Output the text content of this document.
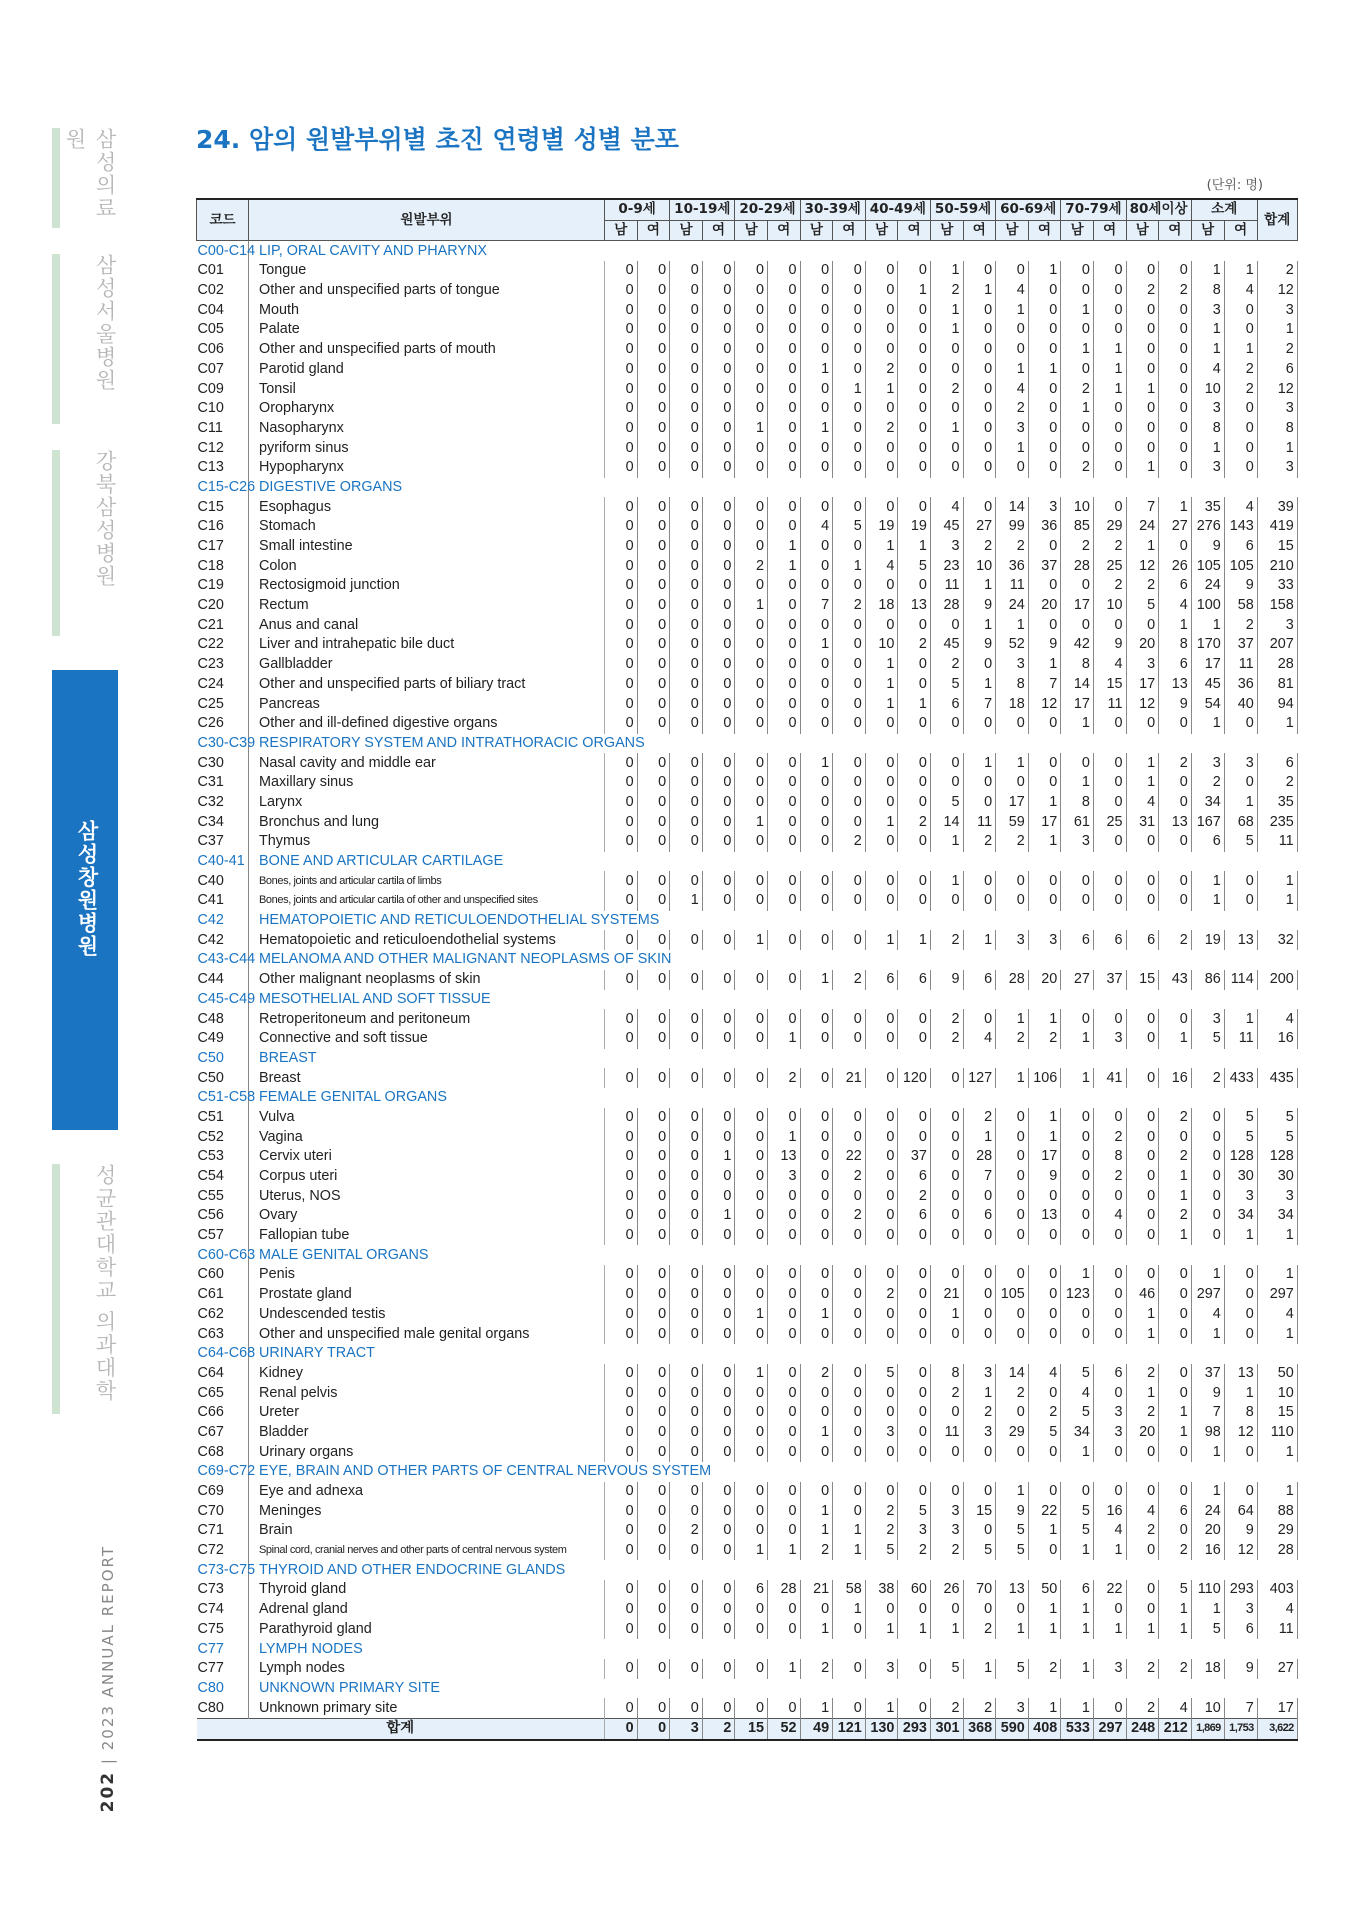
삼성의료원
삼성서울병원
강북삼성병원
삼성창원병원
성균관대학교 의과대학
202 | 2023 ANNUAL REPORT
24. 암의 원발부위별 초진 연령별 성별 분포
(단위: 명)
코드	원발부위	0-9세		10-19세		20-29세		30-39세		40-49세		50-59세		60-69세		70-79세		80세이상		소계		합계
		남	여	남	여	남	여	남	여	남	여	남	여	남	여	남	여	남	여	남	여	
C00-C14	LIP, ORAL CAVITY AND PHARYNX																					
C01	Tongue	0	0	0	0	0	0	0	0	0	0	1	0	0	1	0	0	0	0	1	1	2
C02	Other and unspecified parts of tongue	0	0	0	0	0	0	0	0	0	1	2	1	4	0	0	0	2	2	8	4	12
C04	Mouth	0	0	0	0	0	0	0	0	0	0	1	0	1	0	1	0	0	0	3	0	3
C05	Palate	0	0	0	0	0	0	0	0	0	0	1	0	0	0	0	0	0	0	1	0	1
C06	Other and unspecified parts of mouth	0	0	0	0	0	0	0	0	0	0	0	0	0	0	1	1	0	0	1	1	2
C07	Parotid gland	0	0	0	0	0	0	1	0	2	0	0	0	1	1	0	1	0	0	4	2	6
C09	Tonsil	0	0	0	0	0	0	0	1	1	0	2	0	4	0	2	1	1	0	10	2	12
C10	Oropharynx	0	0	0	0	0	0	0	0	0	0	0	0	2	0	1	0	0	0	3	0	3
C11	Nasopharynx	0	0	0	0	1	0	1	0	2	0	1	0	3	0	0	0	0	0	8	0	8
C12	pyriform sinus	0	0	0	0	0	0	0	0	0	0	0	0	1	0	0	0	0	0	1	0	1
C13	Hypopharynx	0	0	0	0	0	0	0	0	0	0	0	0	0	0	2	0	1	0	3	0	3
C15-C26	DIGESTIVE ORGANS																					
C15	Esophagus	0	0	0	0	0	0	0	0	0	0	4	0	14	3	10	0	7	1	35	4	39
C16	Stomach	0	0	0	0	0	0	4	5	19	19	45	27	99	36	85	29	24	27	276	143	419
C17	Small intestine	0	0	0	0	0	1	0	0	1	1	3	2	2	0	2	2	1	0	9	6	15
C18	Colon	0	0	0	0	2	1	0	1	4	5	23	10	36	37	28	25	12	26	105	105	210
C19	Rectosigmoid junction	0	0	0	0	0	0	0	0	0	0	11	1	11	0	0	2	2	6	24	9	33
C20	Rectum	0	0	0	0	1	0	7	2	18	13	28	9	24	20	17	10	5	4	100	58	158
C21	Anus and canal	0	0	0	0	0	0	0	0	0	0	0	1	1	0	0	0	0	1	1	2	3
C22	Liver and intrahepatic bile duct	0	0	0	0	0	0	1	0	10	2	45	9	52	9	42	9	20	8	170	37	207
C23	Gallbladder	0	0	0	0	0	0	0	0	1	0	2	0	3	1	8	4	3	6	17	11	28
C24	Other and unspecified parts of biliary tract	0	0	0	0	0	0	0	0	1	0	5	1	8	7	14	15	17	13	45	36	81
C25	Pancreas	0	0	0	0	0	0	0	0	1	1	6	7	18	12	17	11	12	9	54	40	94
C26	Other and ill-defined digestive organs	0	0	0	0	0	0	0	0	0	0	0	0	0	0	1	0	0	0	1	0	1
C30-C39	RESPIRATORY SYSTEM AND INTRATHORACIC ORGANS																					
C30	Nasal cavity and middle ear	0	0	0	0	0	0	1	0	0	0	0	1	1	0	0	0	1	2	3	3	6
C31	Maxillary sinus	0	0	0	0	0	0	0	0	0	0	0	0	0	0	1	0	1	0	2	0	2
C32	Larynx	0	0	0	0	0	0	0	0	0	0	5	0	17	1	8	0	4	0	34	1	35
C34	Bronchus and lung	0	0	0	0	1	0	0	0	1	2	14	11	59	17	61	25	31	13	167	68	235
C37	Thymus	0	0	0	0	0	0	0	2	0	0	1	2	2	1	3	0	0	0	6	5	11
C40-41	BONE AND ARTICULAR CARTILAGE																					
C40	Bones, joints and articular cartila of limbs	0	0	0	0	0	0	0	0	0	0	1	0	0	0	0	0	0	0	1	0	1
C41	Bones, joints and articular cartila of other and unspecified sites	0	0	1	0	0	0	0	0	0	0	0	0	0	0	0	0	0	0	1	0	1
C42	HEMATOPOIETIC AND RETICULOENDOTHELIAL SYSTEMS																					
C42	Hematopoietic and reticuloendothelial systems	0	0	0	0	1	0	0	0	1	1	2	1	3	3	6	6	6	2	19	13	32
C43-C44	MELANOMA AND OTHER MALIGNANT NEOPLASMS OF SKIN																					
C44	Other malignant neoplasms of skin	0	0	0	0	0	0	1	2	6	6	9	6	28	20	27	37	15	43	86	114	200
C45-C49	MESOTHELIAL AND SOFT TISSUE																					
C48	Retroperitoneum and peritoneum	0	0	0	0	0	0	0	0	0	0	2	0	1	1	0	0	0	0	3	1	4
C49	Connective and soft tissue	0	0	0	0	0	1	0	0	0	0	2	4	2	2	1	3	0	1	5	11	16
C50	BREAST																					
C50	Breast	0	0	0	0	0	2	0	21	0	120	0	127	1	106	1	41	0	16	2	433	435
C51-C58	FEMALE GENITAL ORGANS																					
C51	Vulva	0	0	0	0	0	0	0	0	0	0	0	2	0	1	0	0	0	2	0	5	5
C52	Vagina	0	0	0	0	0	1	0	0	0	0	0	1	0	1	0	2	0	0	0	5	5
C53	Cervix uteri	0	0	0	1	0	13	0	22	0	37	0	28	0	17	0	8	0	2	0	128	128
C54	Corpus uteri	0	0	0	0	0	3	0	2	0	6	0	7	0	9	0	2	0	1	0	30	30
C55	Uterus, NOS	0	0	0	0	0	0	0	0	0	2	0	0	0	0	0	0	0	1	0	3	3
C56	Ovary	0	0	0	1	0	0	0	2	0	6	0	6	0	13	0	4	0	2	0	34	34
C57	Fallopian tube	0	0	0	0	0	0	0	0	0	0	0	0	0	0	0	0	0	1	0	1	1
C60-C63	MALE GENITAL ORGANS																					
C60	Penis	0	0	0	0	0	0	0	0	0	0	0	0	0	0	1	0	0	0	1	0	1
C61	Prostate gland	0	0	0	0	0	0	0	0	2	0	21	0	105	0	123	0	46	0	297	0	297
C62	Undescended testis	0	0	0	0	1	0	1	0	0	0	1	0	0	0	0	0	1	0	4	0	4
C63	Other and unspecified male genital organs	0	0	0	0	0	0	0	0	0	0	0	0	0	0	0	0	1	0	1	0	1
C64-C68	URINARY TRACT																					
C64	Kidney	0	0	0	0	1	0	2	0	5	0	8	3	14	4	5	6	2	0	37	13	50
C65	Renal pelvis	0	0	0	0	0	0	0	0	0	0	2	1	2	0	4	0	1	0	9	1	10
C66	Ureter	0	0	0	0	0	0	0	0	0	0	0	2	0	2	5	3	2	1	7	8	15
C67	Bladder	0	0	0	0	0	0	1	0	3	0	11	3	29	5	34	3	20	1	98	12	110
C68	Urinary organs	0	0	0	0	0	0	0	0	0	0	0	0	0	0	1	0	0	0	1	0	1
C69-C72	EYE, BRAIN AND OTHER PARTS OF CENTRAL NERVOUS SYSTEM																					
C69	Eye and adnexa	0	0	0	0	0	0	0	0	0	0	0	0	1	0	0	0	0	0	1	0	1
C70	Meninges	0	0	0	0	0	0	1	0	2	5	3	15	9	22	5	16	4	6	24	64	88
C71	Brain	0	0	2	0	0	0	1	1	2	3	3	0	5	1	5	4	2	0	20	9	29
C72	Spinal cord, cranial nerves and other parts of central nervous system	0	0	0	0	1	1	2	1	5	2	2	5	5	0	1	1	0	2	16	12	28
C73-C75	THYROID AND OTHER ENDOCRINE GLANDS																					
C73	Thyroid gland	0	0	0	0	6	28	21	58	38	60	26	70	13	50	6	22	0	5	110	293	403
C74	Adrenal gland	0	0	0	0	0	0	0	1	0	0	0	0	0	1	1	0	0	1	1	3	4
C75	Parathyroid gland	0	0	0	0	0	0	1	0	1	1	1	2	1	1	1	1	1	1	5	6	11
C77	LYMPH NODES																					
C77	Lymph nodes	0	0	0	0	0	1	2	0	3	0	5	1	5	2	1	3	2	2	18	9	27
C80	UNKNOWN PRIMARY SITE																					
C80	Unknown primary site	0	0	0	0	0	0	1	0	1	0	2	2	3	1	1	0	2	4	10	7	17
합계		0	0	3	2	15	52	49	121	130	293	301	368	590	408	533	297	248	212	1,869	1,753	3,622
